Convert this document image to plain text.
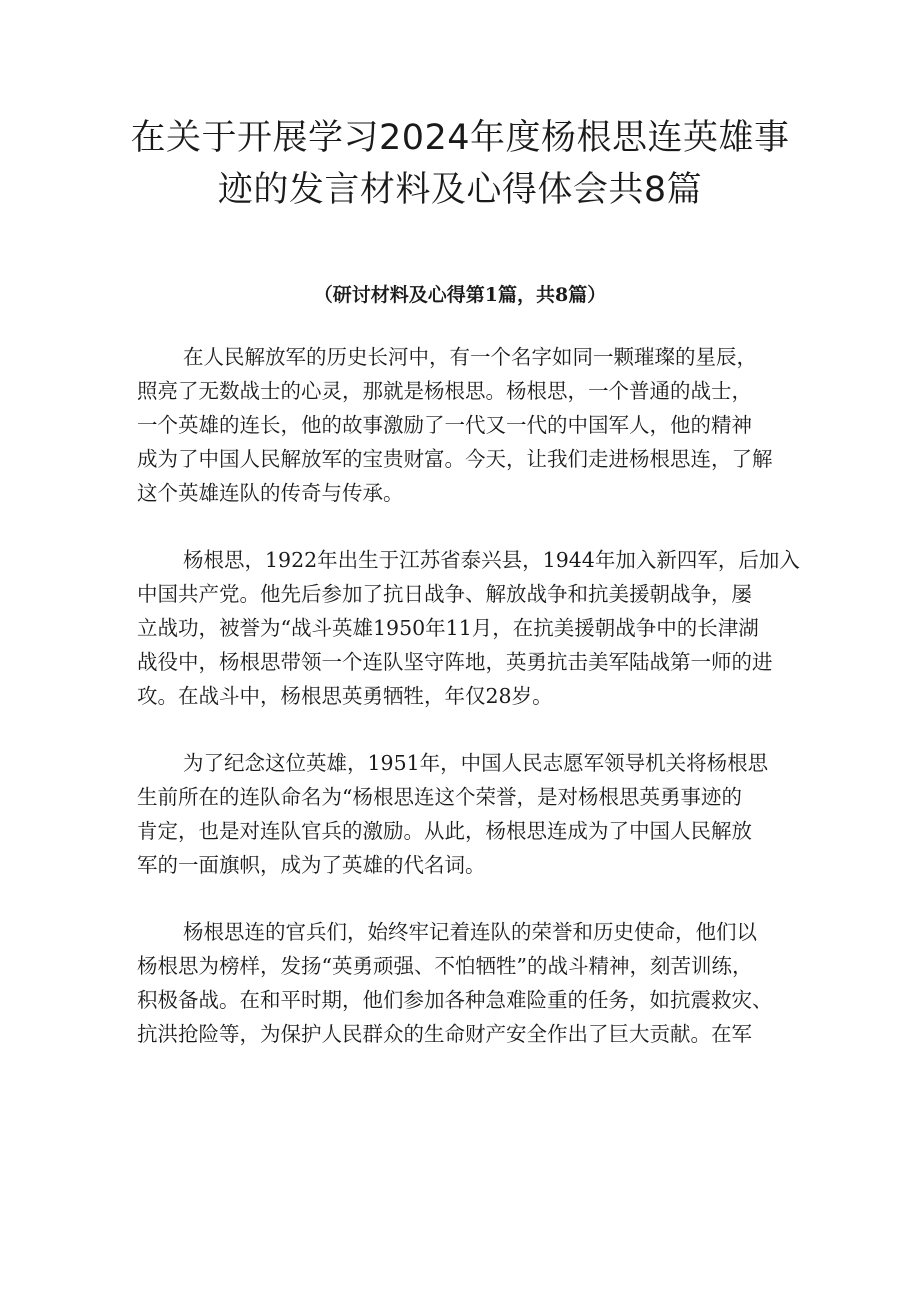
在关于开展学习2024年度杨根思连英雄事
迹的发言材料及心得体会共8篇

（研讨材料及心得第1篇，共8篇）

在人民解放军的历史长河中，有一个名字如同一颗璀璨的星辰，
照亮了无数战士的心灵，那就是杨根思。杨根思，一个普通的战士，
一个英雄的连长，他的故事激励了一代又一代的中国军人，他的精神
成为了中国人民解放军的宝贵财富。今天，让我们走进杨根思连，了解
这个英雄连队的传奇与传承。

杨根思，1922年出生于江苏省泰兴县，1944年加入新四军，后加入
中国共产党。他先后参加了抗日战争、解放战争和抗美援朝战争，屡
立战功，被誉为“战斗英雄1950年11月，在抗美援朝战争中的长津湖
战役中，杨根思带领一个连队坚守阵地，英勇抗击美军陆战第一师的进
攻。在战斗中，杨根思英勇牺牲，年仅28岁。

为了纪念这位英雄，1951年，中国人民志愿军领导机关将杨根思
生前所在的连队命名为“杨根思连这个荣誉，是对杨根思英勇事迹的
肯定，也是对连队官兵的激励。从此，杨根思连成为了中国人民解放
军的一面旗帜，成为了英雄的代名词。

杨根思连的官兵们，始终牢记着连队的荣誉和历史使命，他们以
杨根思为榜样，发扬“英勇顽强、不怕牺牲”的战斗精神，刻苦训练，
积极备战。在和平时期，他们参加各种急难险重的任务，如抗震救灾、
抗洪抢险等，为保护人民群众的生命财产安全作出了巨大贡献。在军
